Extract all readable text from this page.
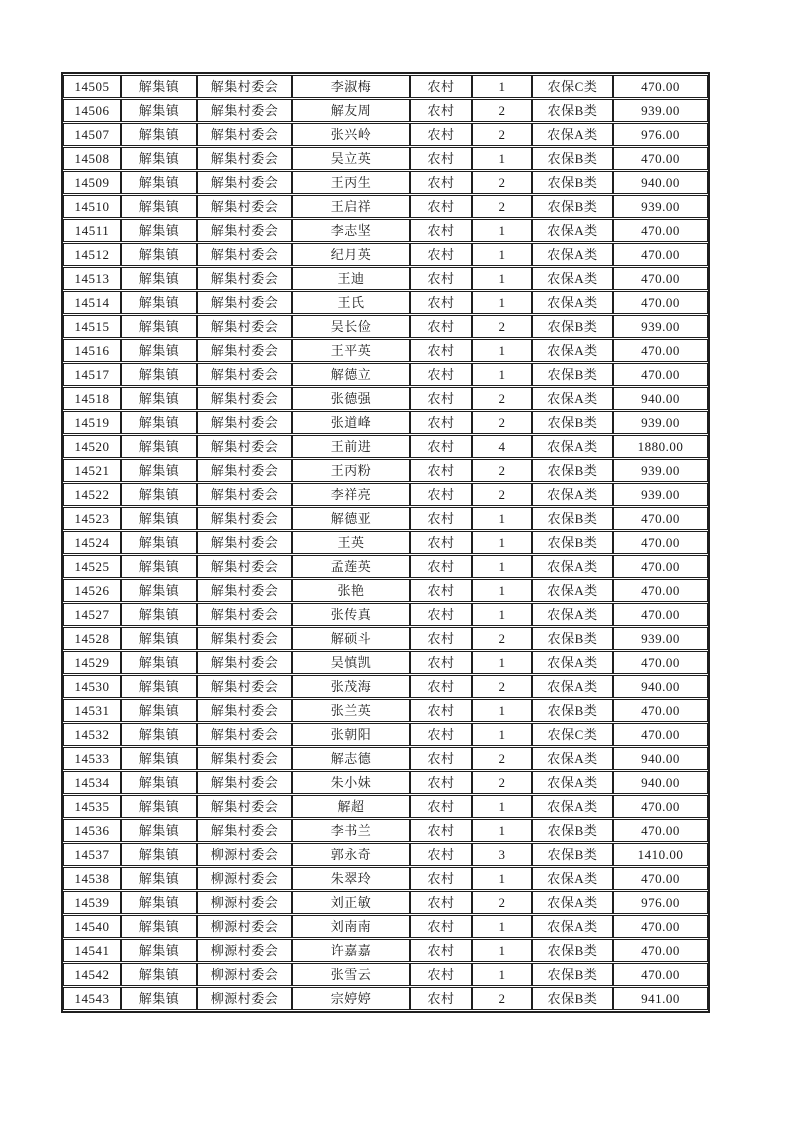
14505	解集镇	解集村委会	李淑梅	农村	1	农保C类	470.00
14506	解集镇	解集村委会	解友周	农村	2	农保B类	939.00
14507	解集镇	解集村委会	张兴岭	农村	2	农保A类	976.00
14508	解集镇	解集村委会	吴立英	农村	1	农保B类	470.00
14509	解集镇	解集村委会	王丙生	农村	2	农保B类	940.00
14510	解集镇	解集村委会	王启祥	农村	2	农保B类	939.00
14511	解集镇	解集村委会	李志坚	农村	1	农保A类	470.00
14512	解集镇	解集村委会	纪月英	农村	1	农保A类	470.00
14513	解集镇	解集村委会	王迪	农村	1	农保A类	470.00
14514	解集镇	解集村委会	王氏	农村	1	农保A类	470.00
14515	解集镇	解集村委会	吴长俭	农村	2	农保B类	939.00
14516	解集镇	解集村委会	王平英	农村	1	农保A类	470.00
14517	解集镇	解集村委会	解德立	农村	1	农保B类	470.00
14518	解集镇	解集村委会	张德强	农村	2	农保A类	940.00
14519	解集镇	解集村委会	张道峰	农村	2	农保B类	939.00
14520	解集镇	解集村委会	王前进	农村	4	农保A类	1880.00
14521	解集镇	解集村委会	王丙粉	农村	2	农保B类	939.00
14522	解集镇	解集村委会	李祥亮	农村	2	农保A类	939.00
14523	解集镇	解集村委会	解德亚	农村	1	农保B类	470.00
14524	解集镇	解集村委会	王英	农村	1	农保B类	470.00
14525	解集镇	解集村委会	孟莲英	农村	1	农保A类	470.00
14526	解集镇	解集村委会	张艳	农村	1	农保A类	470.00
14527	解集镇	解集村委会	张传真	农村	1	农保A类	470.00
14528	解集镇	解集村委会	解硕斗	农村	2	农保B类	939.00
14529	解集镇	解集村委会	吴慎凯	农村	1	农保A类	470.00
14530	解集镇	解集村委会	张茂海	农村	2	农保A类	940.00
14531	解集镇	解集村委会	张兰英	农村	1	农保B类	470.00
14532	解集镇	解集村委会	张朝阳	农村	1	农保C类	470.00
14533	解集镇	解集村委会	解志德	农村	2	农保A类	940.00
14534	解集镇	解集村委会	朱小妹	农村	2	农保A类	940.00
14535	解集镇	解集村委会	解超	农村	1	农保A类	470.00
14536	解集镇	解集村委会	李书兰	农村	1	农保B类	470.00
14537	解集镇	柳源村委会	郭永奇	农村	3	农保B类	1410.00
14538	解集镇	柳源村委会	朱翠玲	农村	1	农保A类	470.00
14539	解集镇	柳源村委会	刘正敏	农村	2	农保A类	976.00
14540	解集镇	柳源村委会	刘南南	农村	1	农保A类	470.00
14541	解集镇	柳源村委会	许嘉嘉	农村	1	农保B类	470.00
14542	解集镇	柳源村委会	张雪云	农村	1	农保B类	470.00
14543	解集镇	柳源村委会	宗婷婷	农村	2	农保B类	941.00
